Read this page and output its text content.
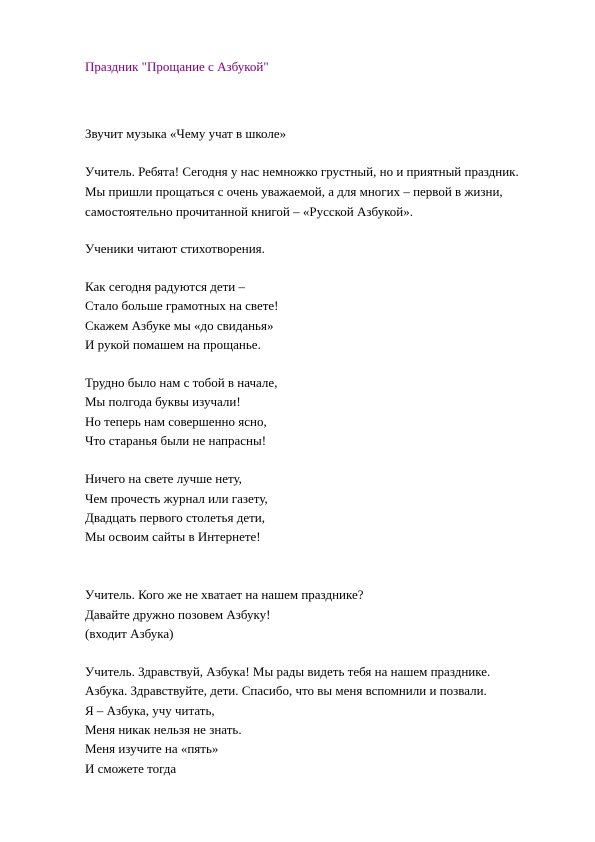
Праздник "Прощание с Азбукой"
Звучит музыка «Чему учат в школе»
Учитель. Ребята! Сегодня у нас немножко грустный, но и приятный праздник.
Мы пришли прощаться с очень уважаемой, а для многих – первой в жизни,
самостоятельно прочитанной книгой – «Русской Азбукой».
Ученики читают стихотворения.
Как сегодня радуются дети –
Стало больше грамотных на свете!
Скажем Азбуке мы «до свиданья»
И рукой помашем на прощанье.
Трудно было нам с тобой в начале,
Мы полгода буквы изучали!
Но теперь нам совершенно ясно,
Что старанья были не напрасны!
Ничего на свете лучше нету,
Чем прочесть журнал или газету,
Двадцать первого столетья дети,
Мы освоим сайты в Интернете!
Учитель. Кого же не хватает на нашем празднике?
Давайте дружно позовем Азбуку!
(входит Азбука)
Учитель. Здравствуй, Азбука! Мы рады видеть тебя на нашем празднике.
Азбука. Здравствуйте, дети. Спасибо, что вы меня вспомнили и позвали.
Я – Азбука, учу читать,
Меня никак нельзя не знать.
Меня изучите на «пять»
И сможете тогда
